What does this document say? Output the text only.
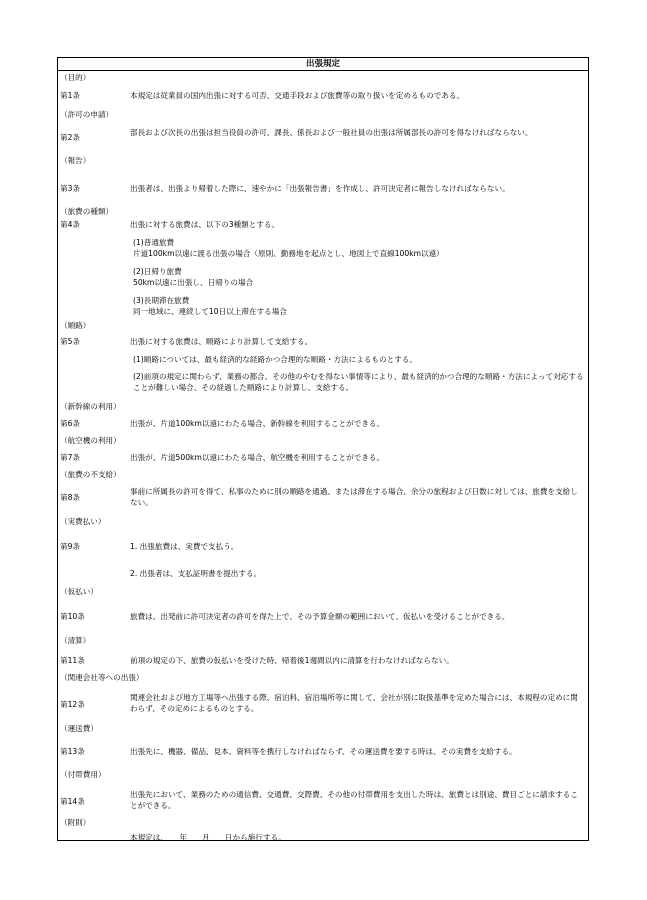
出張規定
（目的）
第1条	本規定は従業員の国内出張に対する可否、交通手段および旅費等の取り扱いを定めるものである。
（許可の申請）
第2条
部長および次長の出張は担当役員の許可、課長、係長および一般社員の出張は所属部長の許可を得なければならない。
（報告）
第3条	出張者は、出張より帰着した際に、速やかに「出張報告書」を作成し、許可決定者に報告しなければならない。
（旅費の種類）
第4条	出張に対する旅費は、以下の3種類とする。
(1)普通旅費
片道100km以遠に渡る出張の場合（原則、勤務地を起点とし、地図上で直線100km以遠）
(2)日帰り旅費
50km以遠に出張し、日帰りの場合
(3)長期滞在旅費
同一地域に、連続して10日以上滞在する場合
（順路）
第5条	出張に対する旅費は、順路により計算して支給する。
(1)順路については、最も経済的な経路かつ合理的な順路・方法によるものとする。
(2)前項の規定に関わらず、業務の都合、その他のやむを得ない事情等により、最も経済的かつ合理的な順路・方法によって対応することが難しい場合、その経過した順路により計算し、支給する。
（新幹線の利用）
第6条	出張が、片道100km以遠にわたる場合、新幹線を利用することができる。
（航空機の利用）
第7条	出張が、片道500km以遠にわたる場合、航空機を利用することができる。
（旅費の不支給）
第8条
事前に所属長の許可を得て、私事のために別の順路を通過、または滞在する場合、余分の旅程および日数に対しては、旅費を支給しない。
（実費払い）
第9条	1. 出張旅費は、実費で支払う。
2. 出張者は、支払証明書を提出する。
（仮払い）
第10条	旅費は、出発前に許可決定者の許可を得た上で、その予算金額の範囲において、仮払いを受けることができる。
（清算）
第11条	前項の規定の下、旅費の仮払いを受けた時、帰着後1週間以内に清算を行わなければならない。
（関連会社等への出張）
第12条
関連会社および地方工場等へ出張する際、宿泊料、宿泊場所等に関して、会社が別に取扱基準を定めた場合には、本規程の定めに関わらず、その定めによるものとする。
（運送費）
第13条	出張先に、機器、備品、見本、資料等を携行しなければならず、その運送費を要する時は、その実費を支給する。
（付帯費用）
第14条
出張先において、業務のための通信費、交通費、交際費、その他の付帯費用を支出した時は、旅費とは別途、費目ごとに請求することができる。
（附則）
本規定は、　　年　　月　　日から施行する。
